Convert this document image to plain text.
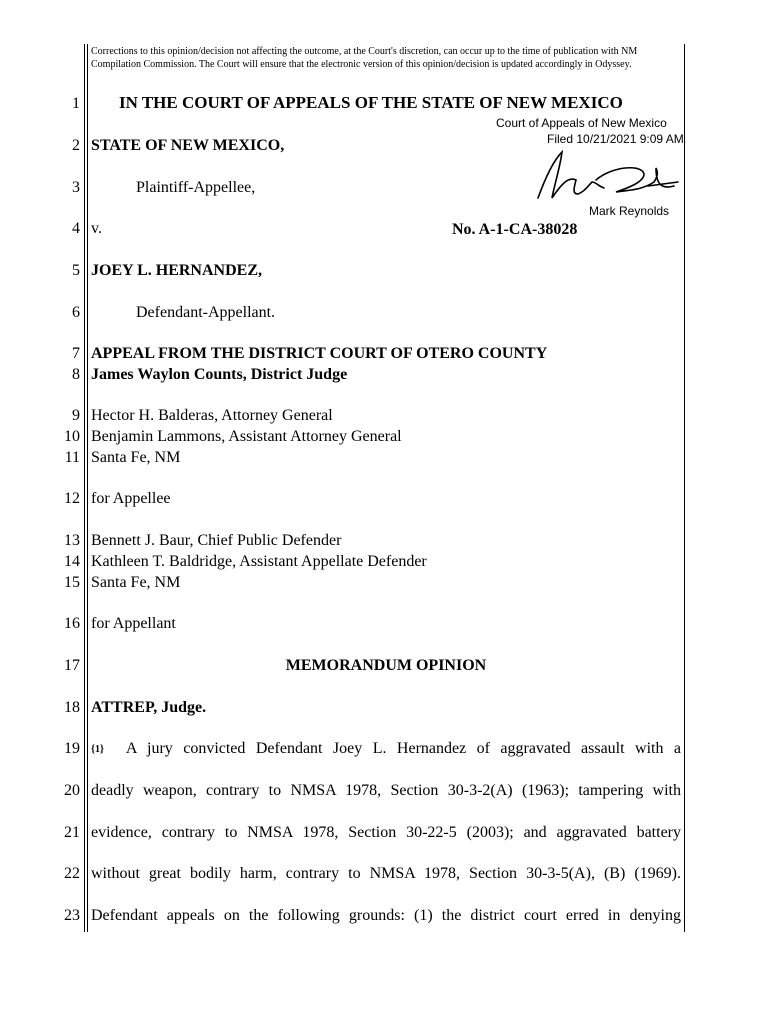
Corrections to this opinion/decision not affecting the outcome, at the Court's discretion, can occur up to the time of publication with NM Compilation Commission. The Court will ensure that the electronic version of this opinion/decision is updated accordingly in Odyssey.
1
2
3
4
5
6
7
8
9
10
11
12
13
14
15
16
17
18
19
20
21
22
23
IN THE COURT OF APPEALS OF THE STATE OF NEW MEXICO
Court of Appeals of New Mexico
Filed 10/21/2021 9:09 AM
Mark Reynolds
STATE OF NEW MEXICO,
Plaintiff-Appellee,
v.	No. A-1-CA-38028
JOEY L. HERNANDEZ,
Defendant-Appellant.
APPEAL FROM THE DISTRICT COURT OF OTERO COUNTY
James Waylon Counts, District Judge
Hector H. Balderas, Attorney General
Benjamin Lammons, Assistant Attorney General
Santa Fe, NM
for Appellee
Bennett J. Baur, Chief Public Defender
Kathleen T. Baldridge, Assistant Appellate Defender
Santa Fe, NM
for Appellant
MEMORANDUM OPINION
ATTREP, Judge.
{1} A jury convicted Defendant Joey L. Hernandez of aggravated assault with a
deadly weapon, contrary to NMSA 1978, Section 30-3-2(A) (1963); tampering with
evidence, contrary to NMSA 1978, Section 30-22-5 (2003); and aggravated battery
without great bodily harm, contrary to NMSA 1978, Section 30-3-5(A), (B) (1969).
Defendant appeals on the following grounds: (1) the district court erred in denying
